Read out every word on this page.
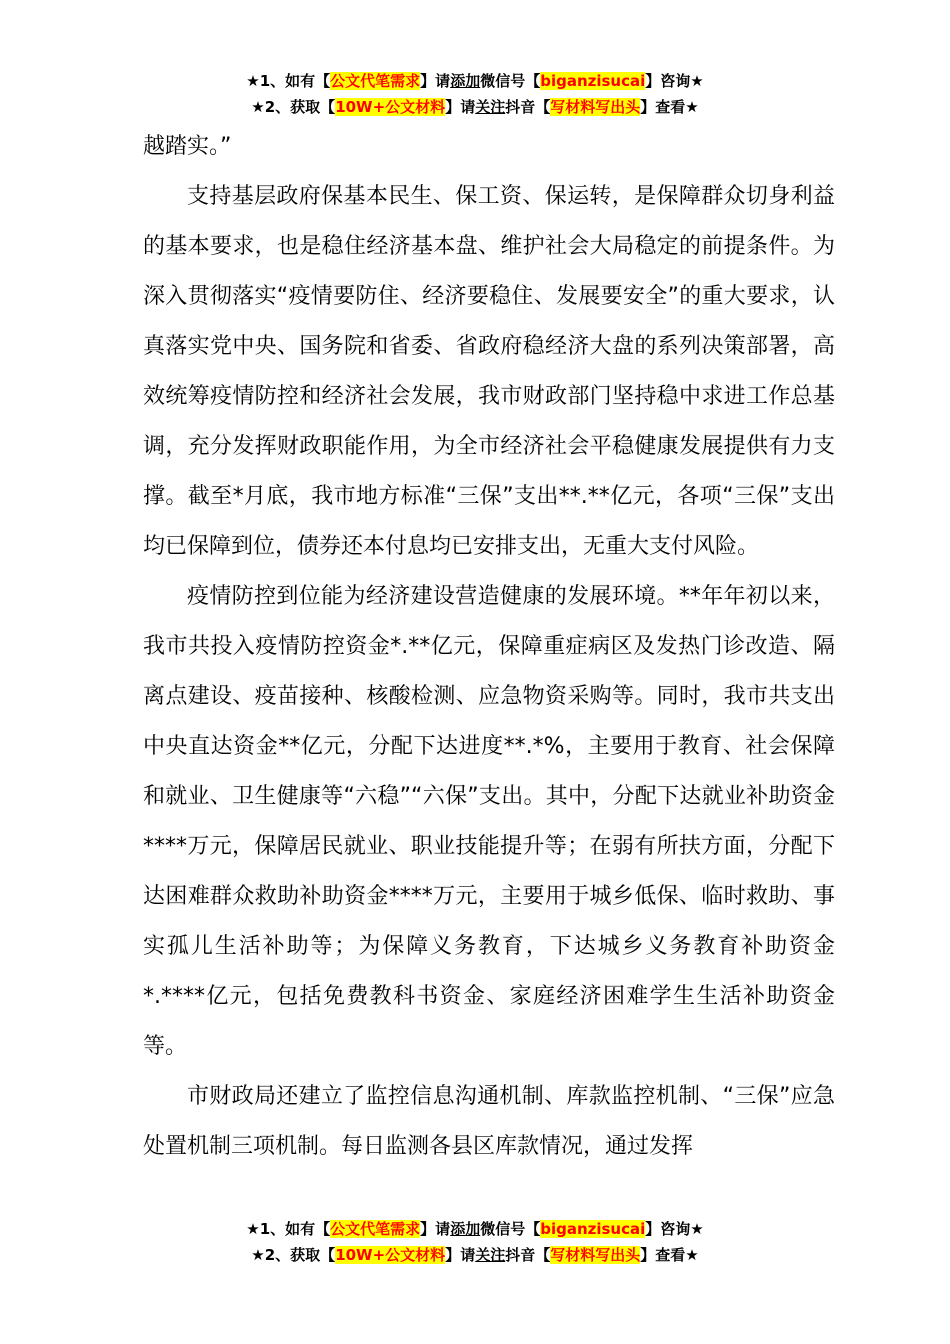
★1、如有【公文代笔需求】请添加微信号【biganzisucai】咨询★
★2、获取【10W+公文材料】请关注抖音【写材料写出头】查看★

越踏实。”

支持基层政府保基本民生、保工资、保运转，是保障群众切身利益的基本要求，也是稳住经济基本盘、维护社会大局稳定的前提条件。为深入贯彻落实“疫情要防住、经济要稳住、发展要安全”的重大要求，认真落实党中央、国务院和省委、省政府稳经济大盘的系列决策部署，高效统筹疫情防控和经济社会发展，我市财政部门坚持稳中求进工作总基调，充分发挥财政职能作用，为全市经济社会平稳健康发展提供有力支撑。截至*月底，我市地方标准“三保”支出**.**亿元，各项“三保”支出均已保障到位，债券还本付息均已安排支出，无重大支付风险。

疫情防控到位能为经济建设营造健康的发展环境。**年年初以来，我市共投入疫情防控资金*.**亿元，保障重症病区及发热门诊改造、隔离点建设、疫苗接种、核酸检测、应急物资采购等。同时，我市共支出中央直达资金**亿元，分配下达进度**.*%，主要用于教育、社会保障和就业、卫生健康等“六稳”“六保”支出。其中，分配下达就业补助资金****万元，保障居民就业、职业技能提升等；在弱有所扶方面，分配下达困难群众救助补助资金****万元，主要用于城乡低保、临时救助、事实孤儿生活补助等；为保障义务教育，下达城乡义务教育补助资金*.****亿元，包括免费教科书资金、家庭经济困难学生生活补助资金等。

市财政局还建立了监控信息沟通机制、库款监控机制、“三保”应急处置机制三项机制。每日监测各县区库款情况，通过发挥

★1、如有【公文代笔需求】请添加微信号【biganzisucai】咨询★
★2、获取【10W+公文材料】请关注抖音【写材料写出头】查看★
